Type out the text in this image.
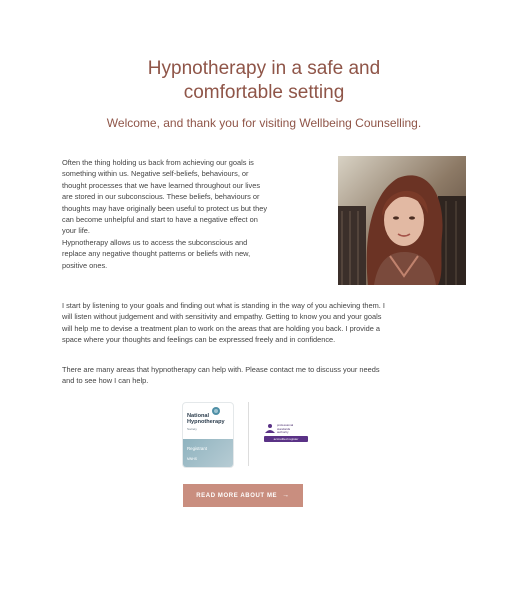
Hypnotherapy in a safe and
comfortable setting
Welcome, and thank you for visiting Wellbeing Counselling.

Often the thing holding us back from achieving our goals is

something within us. Negative self-beliefs, behaviours, or

thought processes that we have learned throughout our lives

are stored in our subconscious. These beliefs, behaviours or

thoughts may have originally been useful to protect us but they

can become unhelpful and start to have a negative effect on

your life.

Hypnotherapy allows us to access the subconscious and

replace any negative thought patterns or beliefs with new,

positive ones.

I start by listening to your goals and finding out what is standing in the way of you achieving them. I
will listen without judgement and with sensitivity and empathy. Getting to know you and your goals
will help me to devise a treatment plan to work on the areas that are holding you back. I provide a
space where your thoughts and feelings can be expressed freely and in confidence.
There are many areas that hypnotherapy can help with. Please contact me to discuss your needs
and to see how I can help.
National
Hypnotherapy
Society
Registrant
MNHS
professional
standards
authority
accredited register
READ MORE ABOUT ME →
